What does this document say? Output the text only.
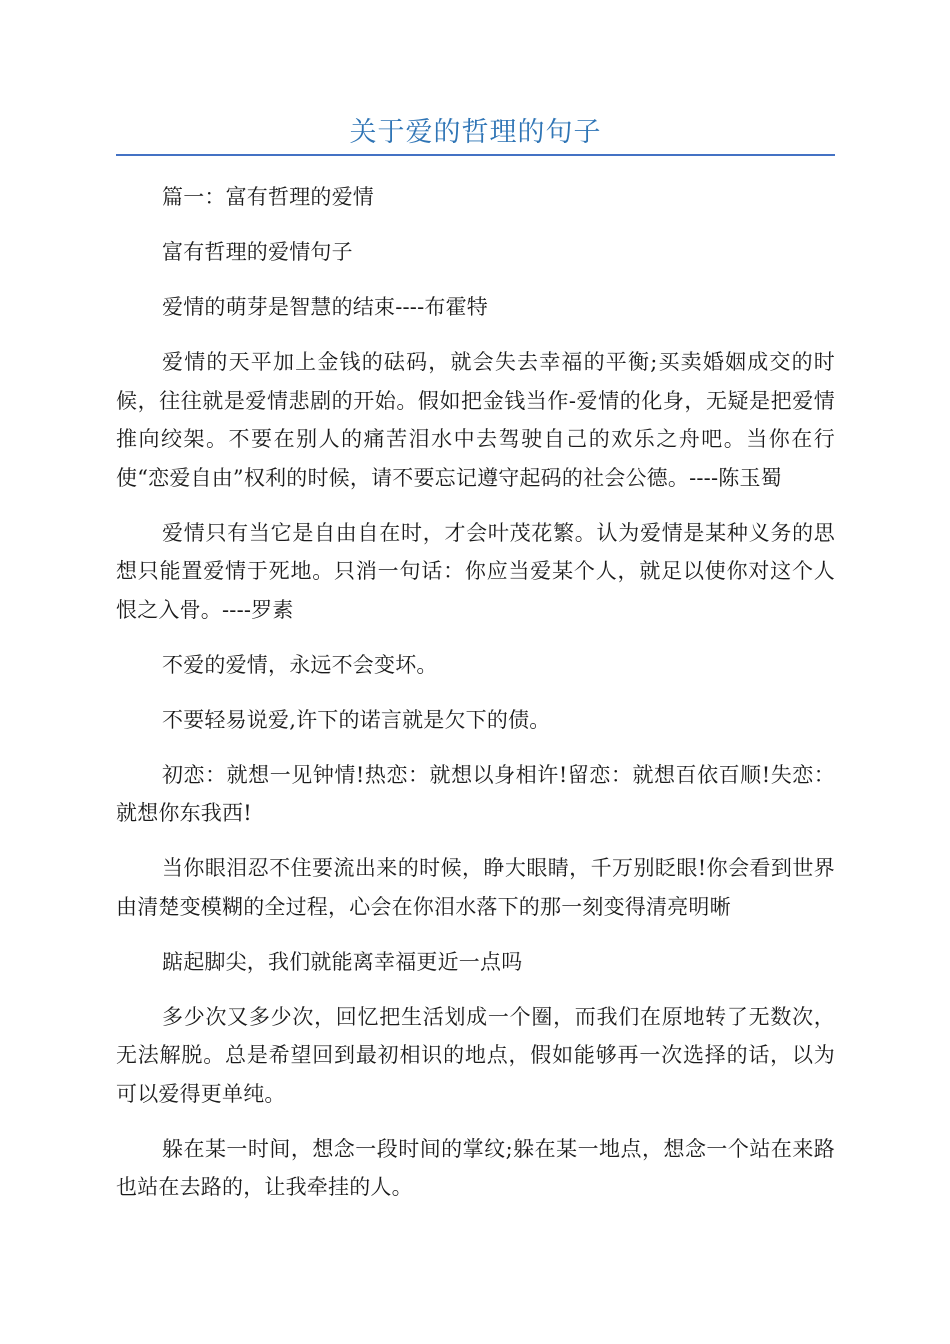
关于爱的哲理的句子

篇一：富有哲理的爱情

富有哲理的爱情句子

爱情的萌芽是智慧的结束----布霍特

爱情的天平加上金钱的砝码，就会失去幸福的平衡;买卖婚姻成交的时候，往往就是爱情悲剧的开始。假如把金钱当作-爱情的化身，无疑是把爱情推向绞架。不要在别人的痛苦泪水中去驾驶自己的欢乐之舟吧。当你在行使“恋爱自由”权利的时候，请不要忘记遵守起码的社会公德。----陈玉蜀

爱情只有当它是自由自在时，才会叶茂花繁。认为爱情是某种义务的思想只能置爱情于死地。只消一句话：你应当爱某个人，就足以使你对这个人恨之入骨。----罗素

不爱的爱情，永远不会变坏。

不要轻易说爱,许下的诺言就是欠下的债。

初恋：就想一见钟情!热恋：就想以身相许!留恋：就想百依百顺!失恋：就想你东我西!

当你眼泪忍不住要流出来的时候，睁大眼睛，千万别眨眼!你会看到世界由清楚变模糊的全过程，心会在你泪水落下的那一刻变得清亮明晰

踮起脚尖，我们就能离幸福更近一点吗

多少次又多少次，回忆把生活划成一个圈，而我们在原地转了无数次，无法解脱。总是希望回到最初相识的地点，假如能够再一次选择的话，以为可以爱得更单纯。

躲在某一时间，想念一段时间的掌纹;躲在某一地点，想念一个站在来路也站在去路的，让我牵挂的人。
